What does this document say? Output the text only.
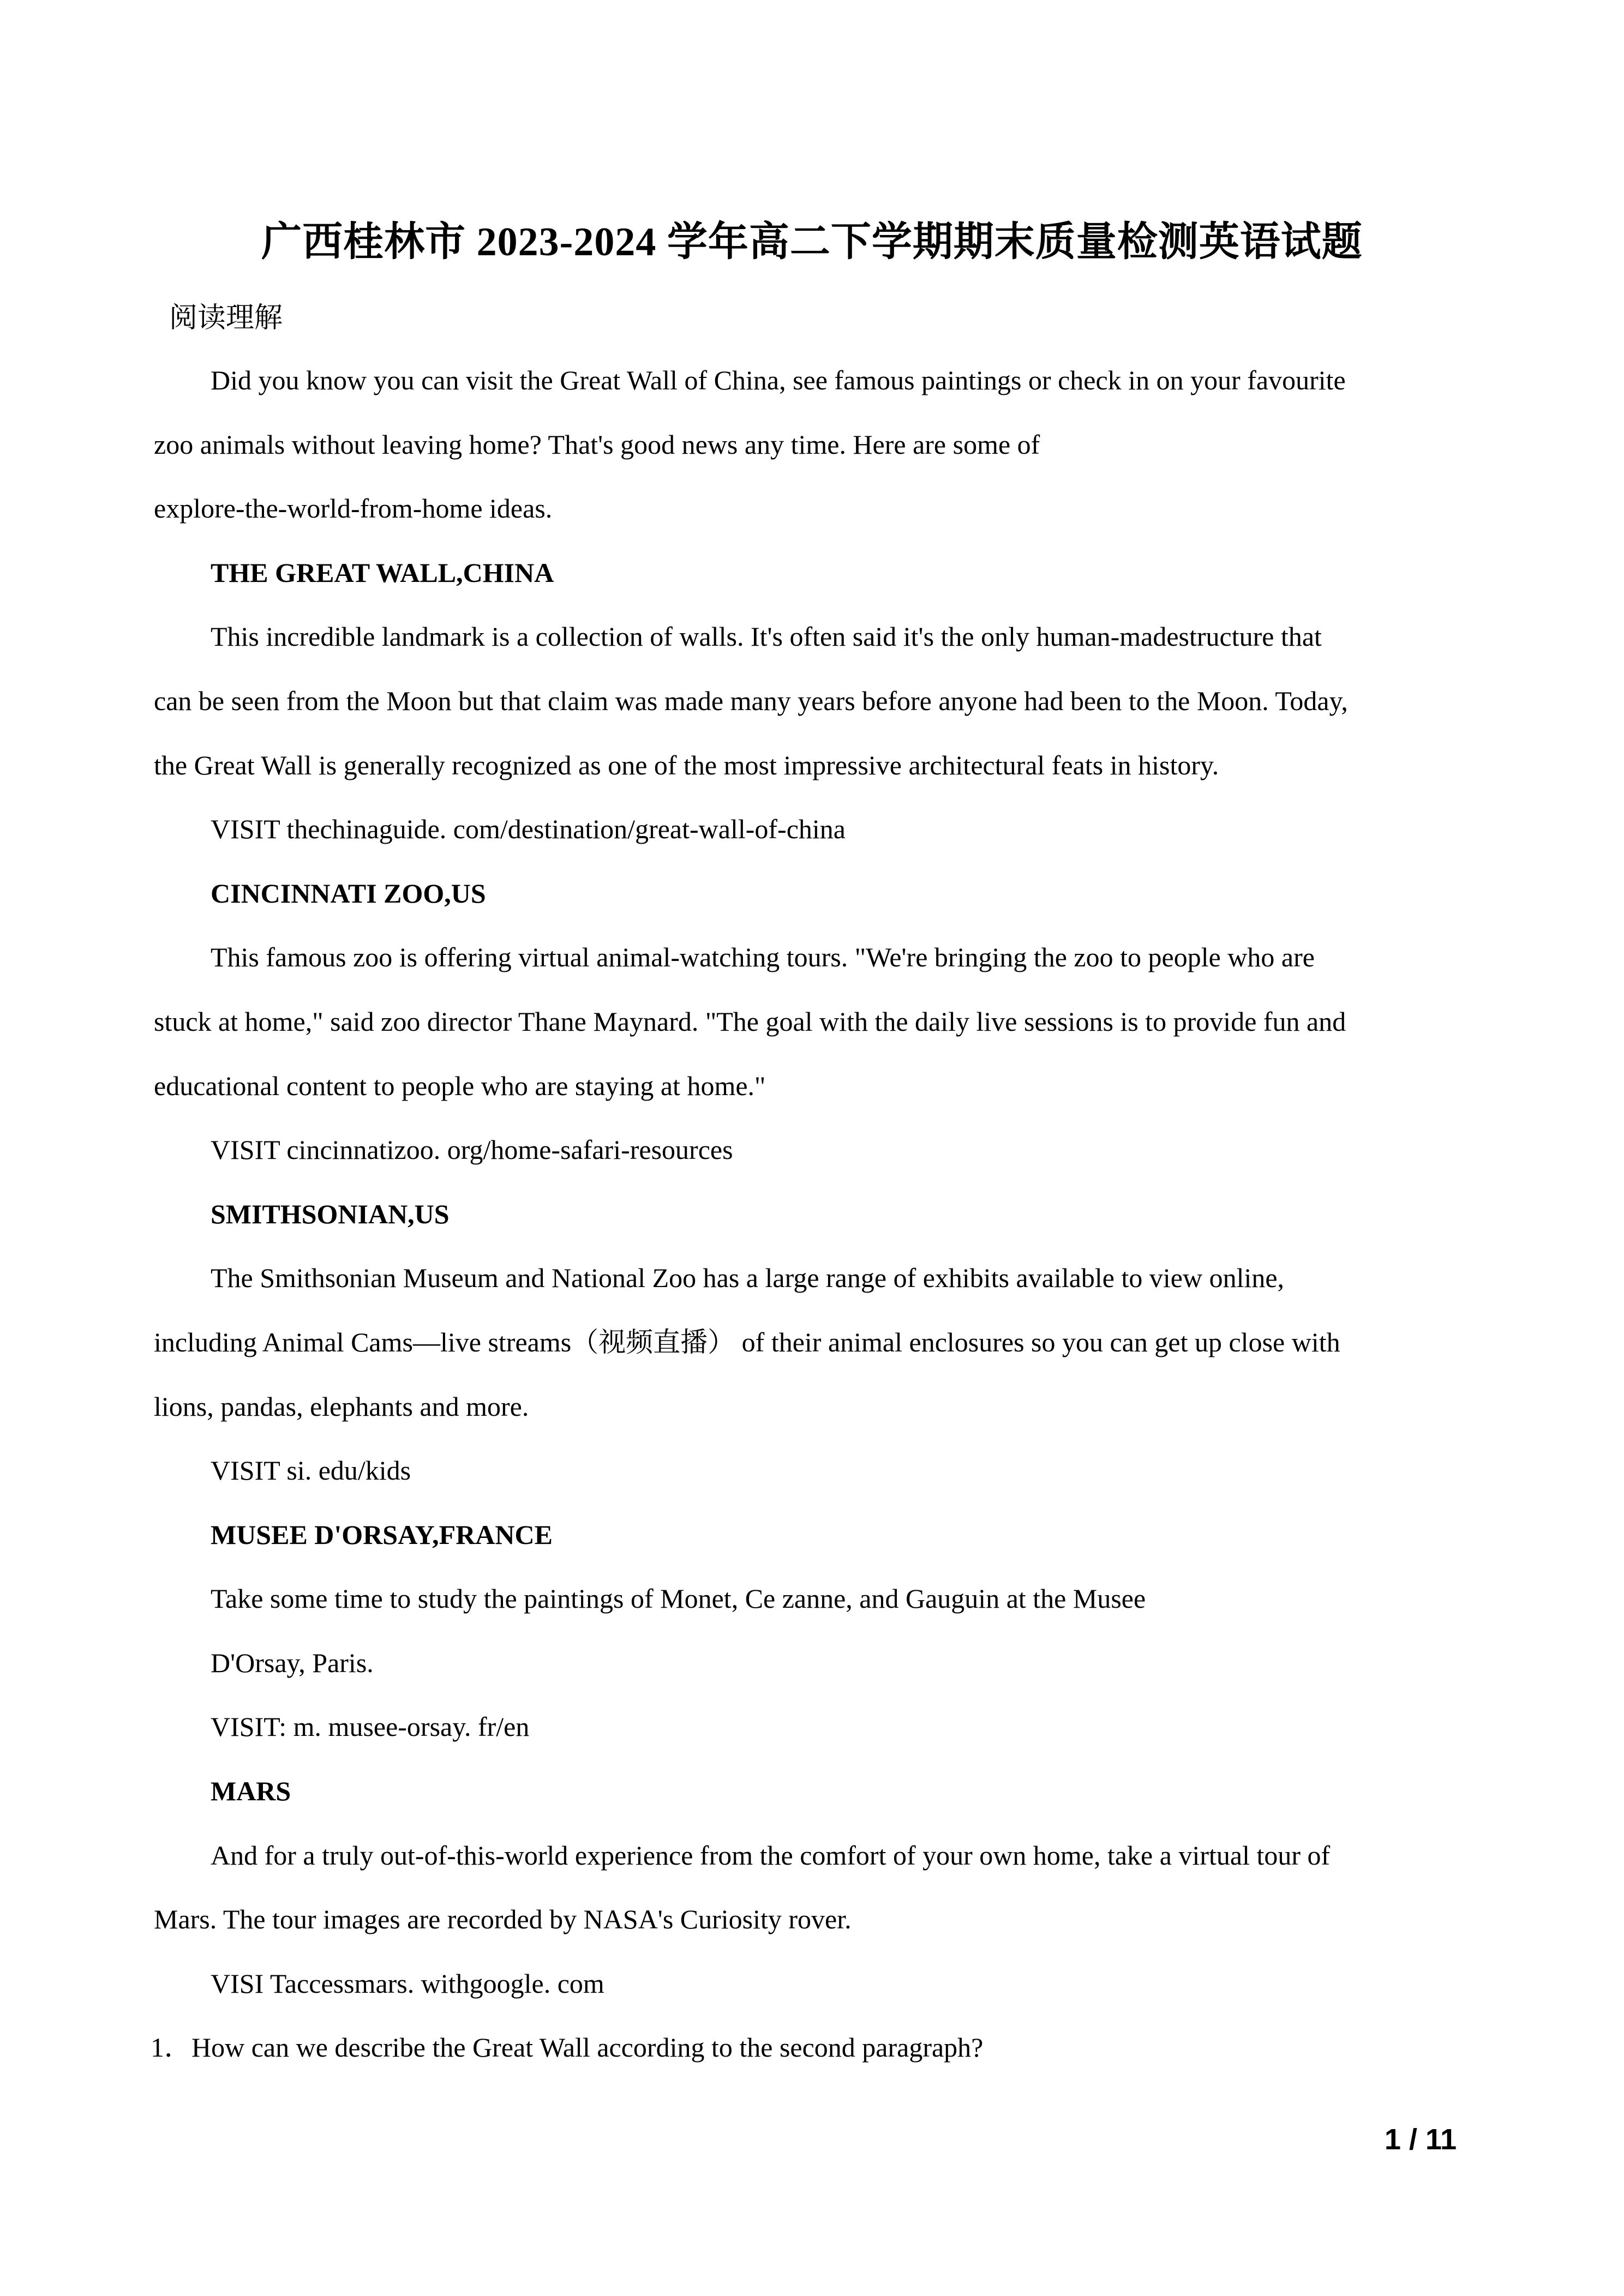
广西桂林市 2023-2024 学年高二下学期期末质量检测英语试题
阅读理解
Did you know you can visit the Great Wall of China, see famous paintings or check in on your favourite
zoo animals without leaving home? That's good news any time. Here are some of
explore-the-world-from-home ideas.
THE GREAT WALL,CHINA
This incredible landmark is a collection of walls. It's often said it's the only human-madestructure that
can be seen from the Moon but that claim was made many years before anyone had been to the Moon. Today,
the Great Wall is generally recognized as one of the most impressive architectural feats in history.
VISIT thechinaguide. com/destination/great-wall-of-china
CINCINNATI ZOO,US
This famous zoo is offering virtual animal-watching tours. "We're bringing the zoo to people who are
stuck at home," said zoo director Thane Maynard. "The goal with the daily live sessions is to provide fun and
educational content to people who are staying at home."
VISIT cincinnatizoo. org/home-safari-resources
SMITHSONIAN,US
The Smithsonian Museum and National Zoo has a large range of exhibits available to view online,
including Animal Cams—live streams（视频直播） of their animal enclosures so you can get up close with
lions, pandas, elephants and more.
VISIT si. edu/kids
MUSEE D'ORSAY,FRANCE
Take some time to study the paintings of Monet, Ce zanne, and Gauguin at the Musee
D'Orsay, Paris.
VISIT: m. musee-orsay. fr/en
MARS
And for a truly out-of-this-world experience from the comfort of your own home, take a virtual tour of
Mars. The tour images are recorded by NASA's Curiosity rover.
VISI Taccessmars. withgoogle. com
1．How can we describe the Great Wall according to the second paragraph?
1 / 11
